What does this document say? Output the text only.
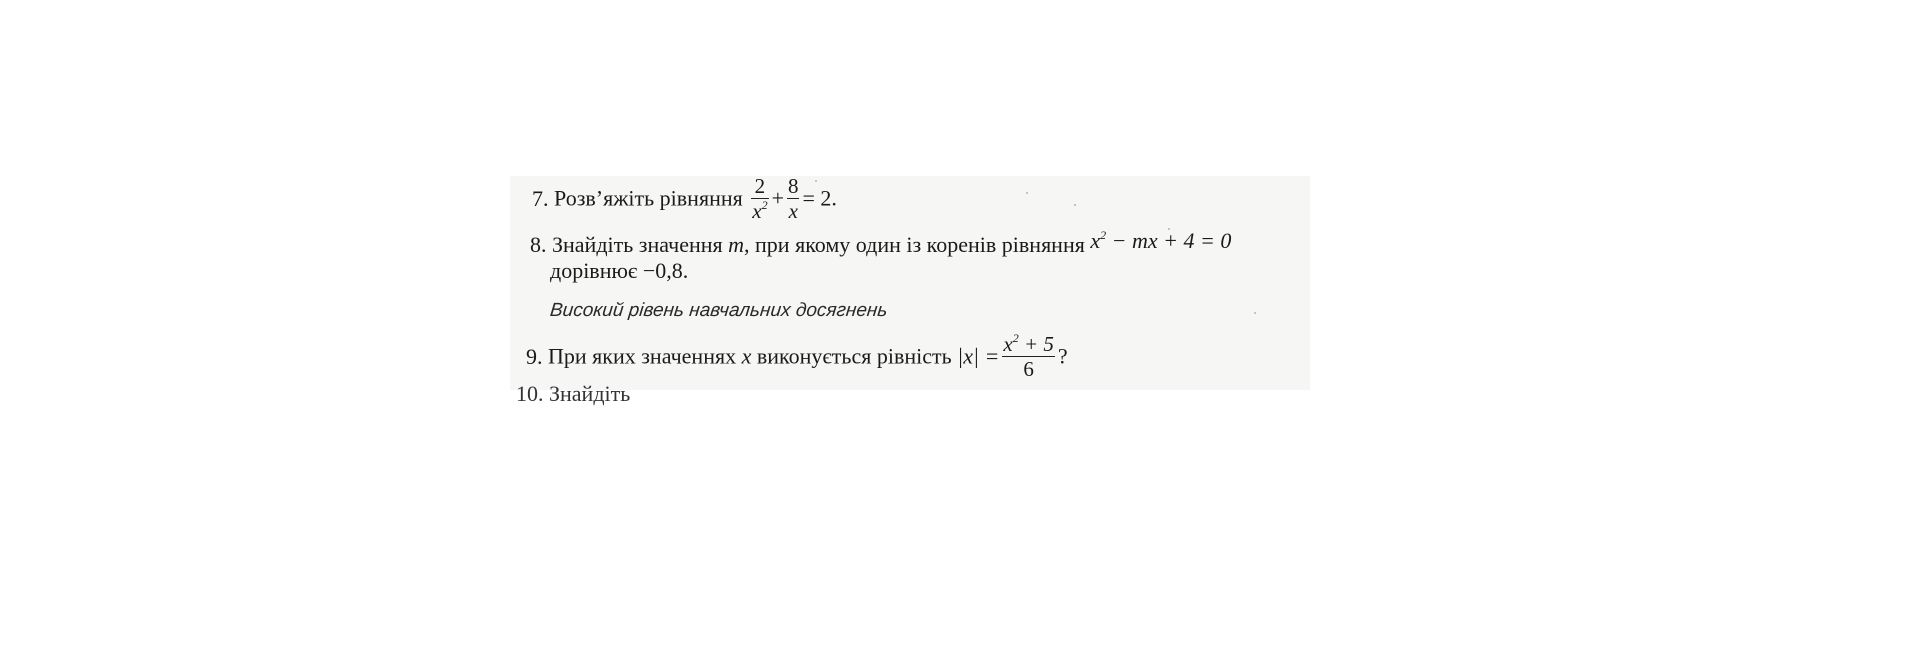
7. Розв’яжіть рівняння $\frac{2}{x^2} + \frac{8}{x} = 2$.
8. Знайдіть значення m, при якому один із коренів рівняння $x^2$ − mx + 4 = 0
дорівнює −0,8.
Високий рівень навчальних досягнень
9. При яких значеннях x виконується рівність $|x| = \frac{x^2 + 5}{6}$ ?
10. Знайдіть
